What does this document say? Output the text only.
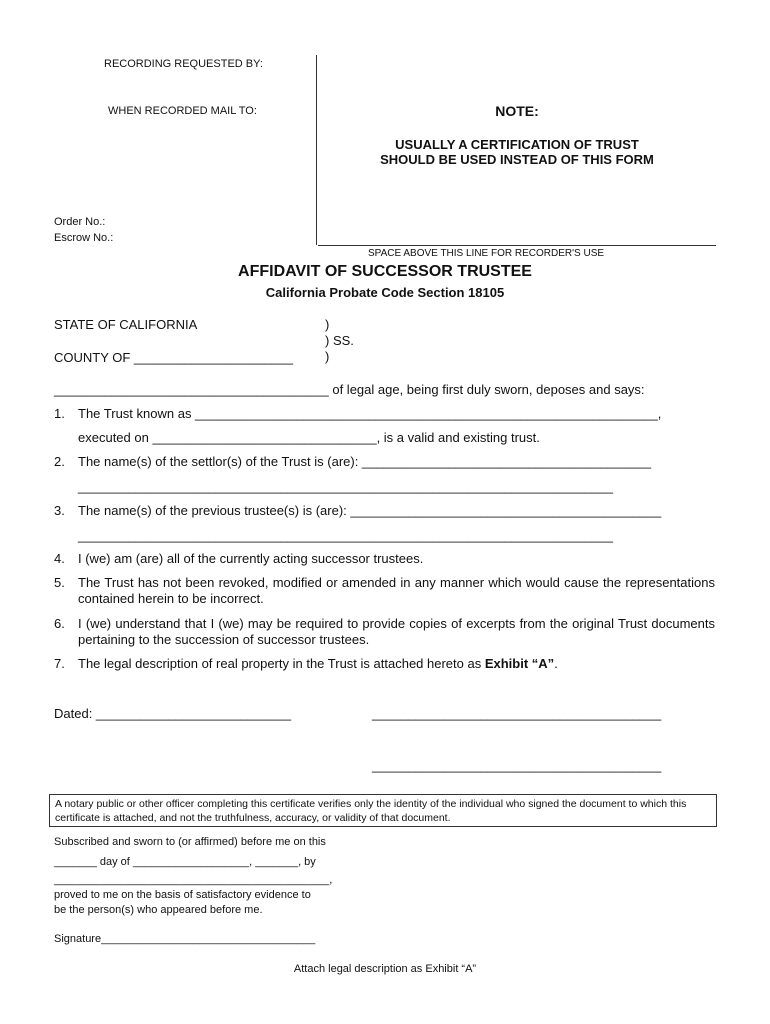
RECORDING REQUESTED BY:
WHEN RECORDED MAIL TO:
Order No.:
Escrow No.:
NOTE:
USUALLY A CERTIFICATION OF TRUST
SHOULD BE USED INSTEAD OF THIS FORM
SPACE ABOVE THIS LINE FOR RECORDER'S USE
AFFIDAVIT OF SUCCESSOR TRUSTEE
California Probate Code Section 18105
STATE OF CALIFORNIA
COUNTY OF ______________________
)
) SS.
)
______________________________________ of legal age, being first duly sworn, deposes and says:
1. The Trust known as ________________________________________________________________,
executed on _______________________________, is a valid and existing trust.
2. The name(s) of the settlor(s) of the Trust is (are): ________________________________________
__________________________________________________________________________
3. The name(s) of the previous trustee(s) is (are): ___________________________________________
__________________________________________________________________________
4. I (we) am (are) all of the currently acting successor trustees.
5. The Trust has not been revoked, modified or amended in any manner which would cause the representations contained herein to be incorrect.
6. I (we) understand that I (we) may be required to provide copies of excerpts from the original Trust documents pertaining to the succession of successor trustees.
7. The legal description of real property in the Trust is attached hereto as Exhibit “A”.
Dated: ___________________________	________________________________________
________________________________________
A notary public or other officer completing this certificate verifies only the identity of the individual who signed the document to which this certificate is attached, and not the truthfulness, accuracy, or validity of that document.
Subscribed and sworn to (or affirmed) before me on this
_______ day of ___________________, _______, by
_____________________________________________,
proved to me on the basis of satisfactory evidence to
be the person(s) who appeared before me.
Signature___________________________________
Attach legal description as Exhibit “A”
